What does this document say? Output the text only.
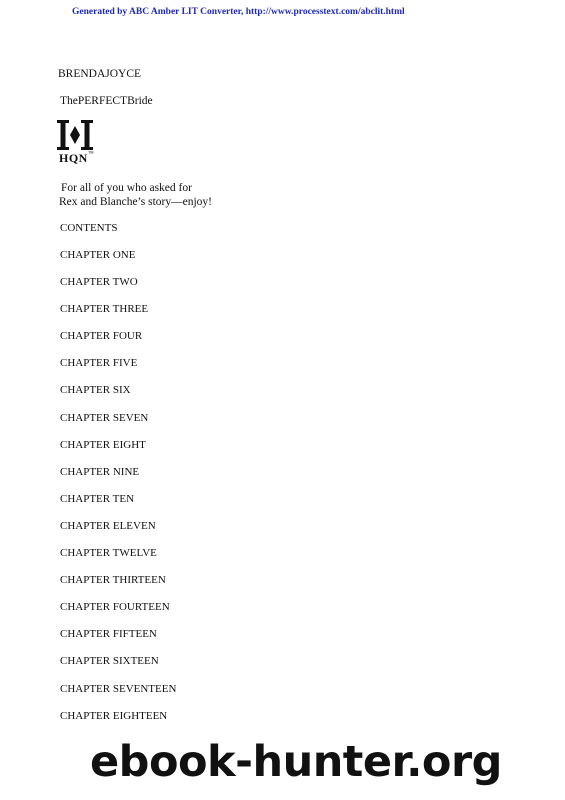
Generated by ABC Amber LIT Converter, http://www.processtext.com/abclit.html
BRENDAJOYCE
ThePERFECTBride
HQN™
For all of you who asked for
Rex and Blanche’s story—enjoy!
CONTENTS
CHAPTER ONE
CHAPTER TWO
CHAPTER THREE
CHAPTER FOUR
CHAPTER FIVE
CHAPTER SIX
CHAPTER SEVEN
CHAPTER EIGHT
CHAPTER NINE
CHAPTER TEN
CHAPTER ELEVEN
CHAPTER TWELVE
CHAPTER THIRTEEN
CHAPTER FOURTEEN
CHAPTER FIFTEEN
CHAPTER SIXTEEN
CHAPTER SEVENTEEN
CHAPTER EIGHTEEN
ebook-hunter.org
